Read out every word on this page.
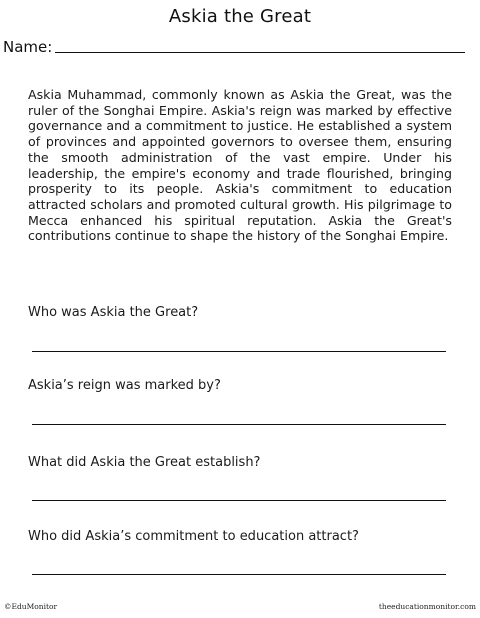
Askia the Great
Name:

Askia Muhammad, commonly known as Askia the Great, was the ruler of the Songhai Empire. Askia's reign was marked by effective governance and a commitment to justice. He established a system of provinces and appointed governors to oversee them, ensuring the smooth administration of the vast empire. Under his leadership, the empire's economy and trade flourished, bringing prosperity to its people. Askia's commitment to education attracted scholars and promoted cultural growth. His pilgrimage to Mecca enhanced his spiritual reputation. Askia the Great's contributions continue to shape the history of the Songhai Empire.

Who was Askia the Great?

Askia’s reign was marked by?

What did Askia the Great establish?

Who did Askia’s commitment to education attract?

©EduMonitor	theeducationmonitor.com
